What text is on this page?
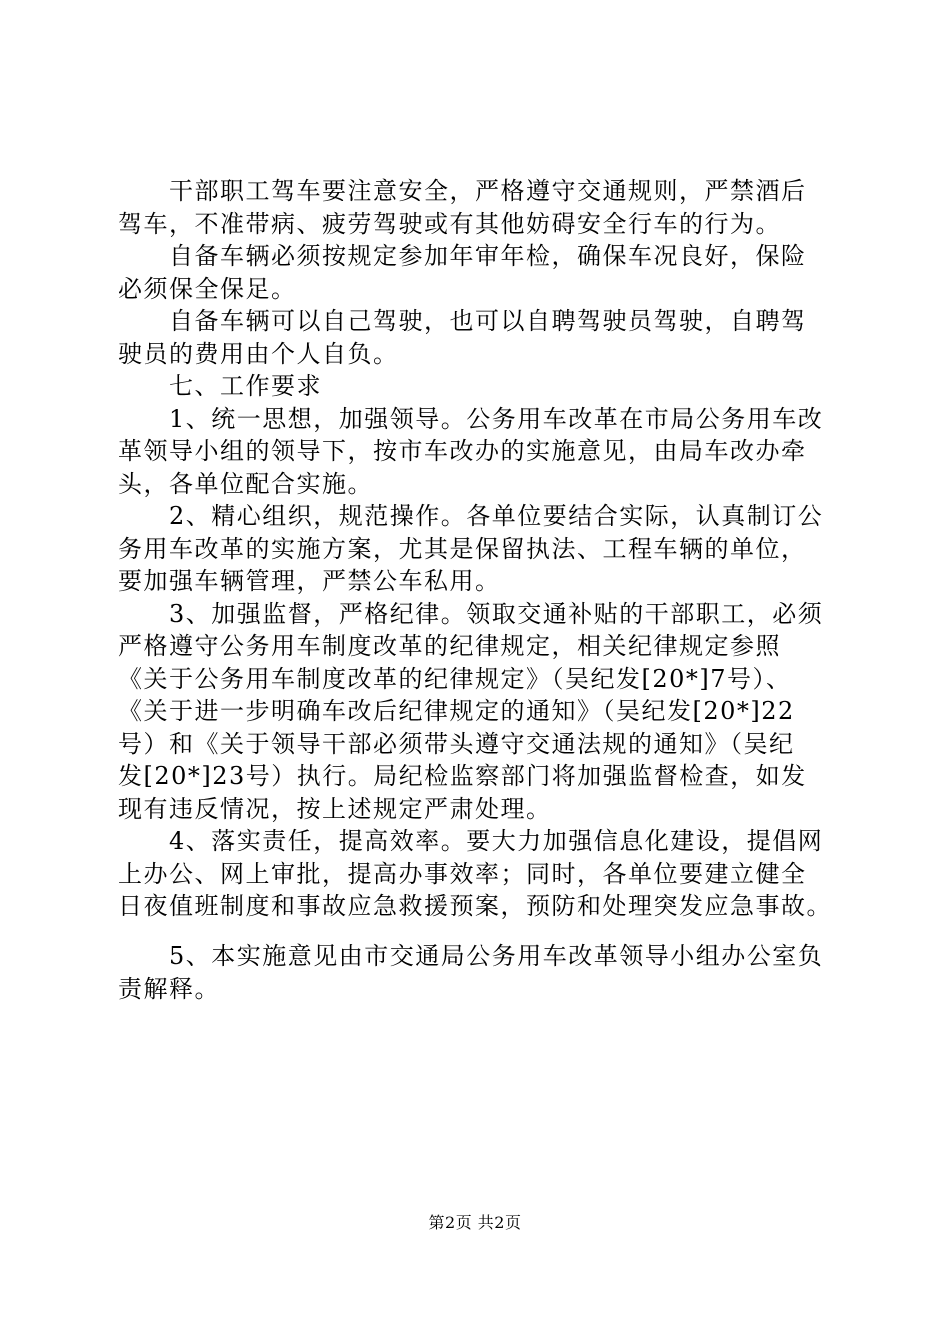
　　干部职工驾车要注意安全，严格遵守交通规则，严禁酒后
驾车，不准带病、疲劳驾驶或有其他妨碍安全行车的行为。
　　自备车辆必须按规定参加年审年检，确保车况良好，保险
必须保全保足。
　　自备车辆可以自己驾驶，也可以自聘驾驶员驾驶，自聘驾
驶员的费用由个人自负。
　　七、工作要求
　　1、统一思想，加强领导。公务用车改革在市局公务用车改
革领导小组的领导下，按市车改办的实施意见，由局车改办牵
头，各单位配合实施。
　　2、精心组织，规范操作。各单位要结合实际，认真制订公
务用车改革的实施方案，尤其是保留执法、工程车辆的单位，
要加强车辆管理，严禁公车私用。
　　3、加强监督，严格纪律。领取交通补贴的干部职工，必须
严格遵守公务用车制度改革的纪律规定，相关纪律规定参照
《关于公务用车制度改革的纪律规定》（吴纪发[20*]7号）、
《关于进一步明确车改后纪律规定的通知》（吴纪发[20*]22
号）和《关于领导干部必须带头遵守交通法规的通知》（吴纪
发[20*]23号）执行。局纪检监察部门将加强监督检查，如发
现有违反情况，按上述规定严肃处理。
　　4、落实责任，提高效率。要大力加强信息化建设，提倡网
上办公、网上审批，提高办事效率；同时，各单位要建立健全
日夜值班制度和事故应急救援预案，预防和处理突发应急事故。
　　5、本实施意见由市交通局公务用车改革领导小组办公室负
责解释。
第2页 共2页
